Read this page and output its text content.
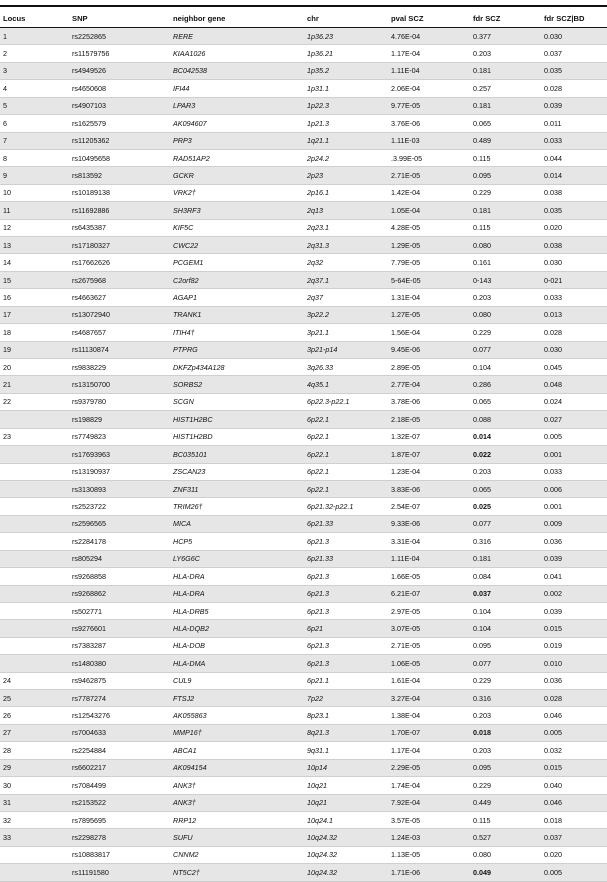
Locus	SNP	neighbor gene	chr	pval SCZ	fdr SCZ	fdr SCZ|BD
1	rs2252865	RERE	1p36.23	4.76E-04	0.377	0.030
2	rs11579756	KIAA1026	1p36.21	1.17E-04	0.203	0.037
3	rs4949526	BC042538	1p35.2	1.11E-04	0.181	0.035
4	rs4650608	IFI44	1p31.1	2.06E-04	0.257	0.028
5	rs4907103	LPAR3	1p22.3	9.77E-05	0.181	0.039
6	rs1625579	AK094607	1p21.3	3.76E-06	0.065	0.011
7	rs11205362	PRP3	1q21.1	1.11E-03	0.489	0.033
8	rs10495658	RAD51AP2	2p24.2	.3.99E-05	0.115	0.044
9	rs813592	GCKR	2p23	2.71E-05	0.095	0.014
10	rs10189138	VRK2†	2p16.1	1.42E-04	0.229	0.038
11	rs11692886	SH3RF3	2q13	1.05E-04	0.181	0.035
12	rs6435387	KIF5C	2q23.1	4.28E-05	0.115	0.020
13	rs17180327	CWC22	2q31.3	1.29E-05	0.080	0.038
14	rs17662626	PCGEM1	2q32	7.79E-05	0.161	0.030
15	rs2675968	C2orf82	2q37.1	5-64E-05	0-143	0-021
16	rs4663627	AGAP1	2q37	1.31E-04	0.203	0.033
17	rs13072940	TRANK1	3p22.2	1.27E-05	0.080	0.013
18	rs4687657	ITIH4†	3p21.1	1.56E-04	0.229	0.028
19	rs11130874	PTPRG	3p21-p14	9.45E-06	0.077	0.030
20	rs9838229	DKFZp434A128	3q26.33	2.89E-05	0.104	0.045
21	rs13150700	SORBS2	4q35.1	2.77E-04	0.286	0.048
22	rs9379780	SCGN	6p22.3-p22.1	3.78E-06	0.065	0.024
	rs198829	HIST1H2BC	6p22.1	2.18E-05	0.088	0.027
23	rs7749823	HIST1H2BD	6p22.1	1.32E-07	0.014	0.005
	rs17693963	BC035101	6p22.1	1.87E-07	0.022	0.001
	rs13190937	ZSCAN23	6p22.1	1.23E-04	0.203	0.033
	rs3130893	ZNF311	6p22.1	3.83E-06	0.065	0.006
	rs2523722	TRIM26†	6p21.32-p22.1	2.54E-07	0.025	0.001
	rs2596565	MICA	6p21.33	9.33E-06	0.077	0.009
	rs2284178	HCP5	6p21.3	3.31E-04	0.316	0.036
	rs805294	LY6G6C	6p21.33	1.11E-04	0.181	0.039
	rs9268858	HLA-DRA	6p21.3	1.66E-05	0.084	0.041
	rs9268862	HLA-DRA	6p21.3	6.21E-07	0.037	0.002
	rs502771	HLA-DRB5	6p21.3	2.97E-05	0.104	0.039
	rs9276601	HLA-DQB2	6p21	3.07E-05	0.104	0.015
	rs7383287	HLA-DOB	6p21.3	2.71E-05	0.095	0.019
	rs1480380	HLA-DMA	6p21.3	1.06E-05	0.077	0.010
24	rs9462875	CUL9	6p21.1	1.61E-04	0.229	0.036
25	rs7787274	FTSJ2	7p22	3.27E-04	0.316	0.028
26	rs12543276	AK055863	8p23.1	1.38E-04	0.203	0.046
27	rs7004633	MMP16†	8q21.3	1.70E-07	0.018	0.005
28	rs2254884	ABCA1	9q31.1	1.17E-04	0.203	0.032
29	rs6602217	AK094154	10p14	2.29E-05	0.095	0.015
30	rs7084499	ANK3†	10q21	1.74E-04	0.229	0.040
31	rs2153522	ANK3†	10q21	7.92E-04	0.449	0.046
32	rs7895695	RRP12	10q24.1	3.57E-05	0.115	0.018
33	rs2298278	SUFU	10q24.32	1.24E-03	0.527	0.037
	rs10883817	CNNM2	10q24.32	1.13E-05	0.080	0.020
	rs11191580	NT5C2†	10q24.32	1.71E-06	0.049	0.005
